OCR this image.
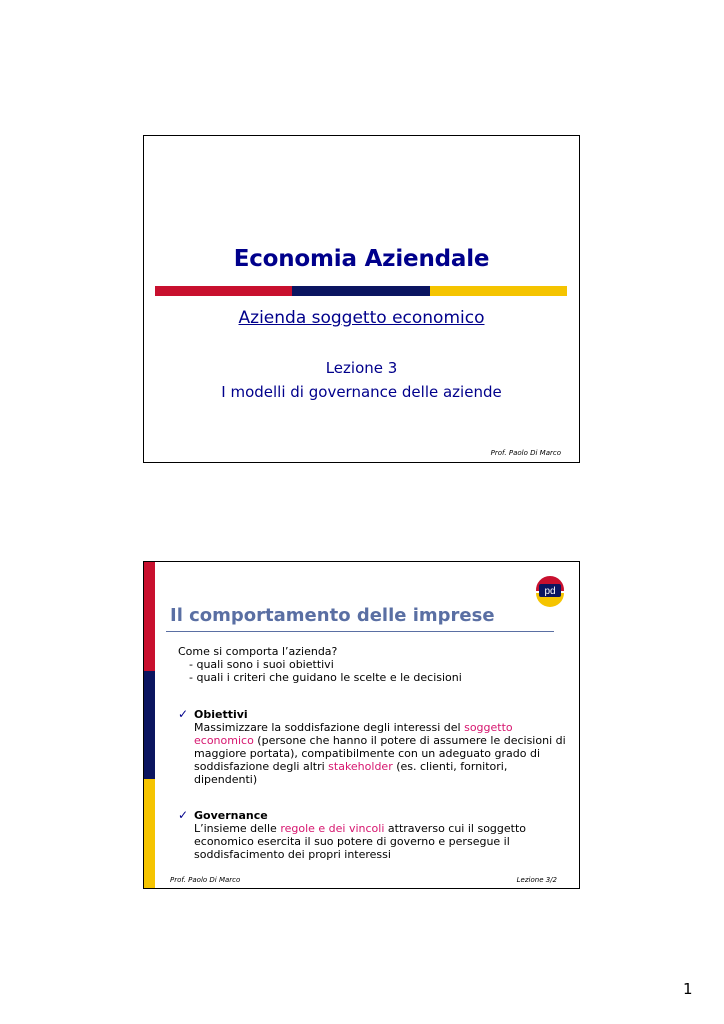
Economia Aziendale
Azienda soggetto economico
Lezione 3
I modelli di governance delle aziende
Prof. Paolo Di Marco
pd
Il comportamento delle imprese
Come si comporta l’azienda?
- quali sono i suoi obiettivi
- quali i criteri che guidano le scelte e le decisioni
✓ Obiettivi
Massimizzare la soddisfazione degli interessi del soggetto economico (persone che hanno il potere di assumere le decisioni di maggiore portata), compatibilmente con un adeguato grado di soddisfazione degli altri stakeholder (es. clienti, fornitori, dipendenti)
✓ Governance
L’insieme delle regole e dei vincoli attraverso cui il soggetto economico esercita il suo potere di governo e persegue il soddisfacimento dei propri interessi
Prof. Paolo Di Marco	Lezione 3/2
1
